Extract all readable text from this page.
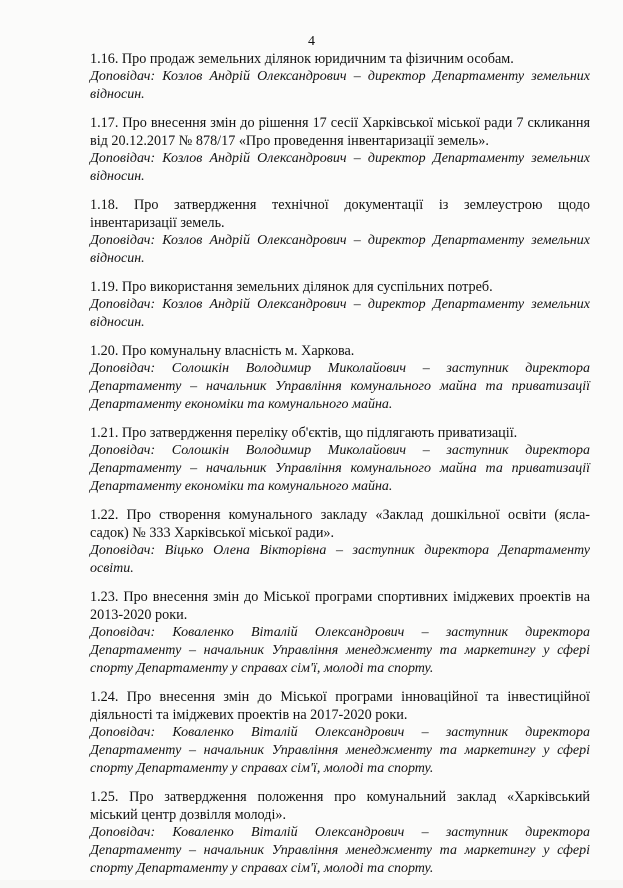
4
1.16. Про продаж земельних ділянок юридичним та фізичним особам.
Доповідач: Козлов Андрій Олександрович – директор Департаменту земельних відносин.
1.17. Про внесення змін до рішення 17 сесії Харківської міської ради 7 скликання від 20.12.2017 № 878/17 «Про проведення інвентаризації земель».
Доповідач: Козлов Андрій Олександрович – директор Департаменту земельних відносин.
1.18. Про затвердження технічної документації із землеустрою щодо інвентаризації земель.
Доповідач: Козлов Андрій Олександрович – директор Департаменту земельних відносин.
1.19. Про використання земельних ділянок для суспільних потреб.
Доповідач: Козлов Андрій Олександрович – директор Департаменту земельних відносин.
1.20. Про комунальну власність м. Харкова.
Доповідач: Солошкін Володимир Миколайович – заступник директора Департаменту – начальник Управління комунального майна та приватизації Департаменту економіки та комунального майна.
1.21. Про затвердження переліку об'єктів, що підлягають приватизації.
Доповідач: Солошкін Володимир Миколайович – заступник директора Департаменту – начальник Управління комунального майна та приватизації Департаменту економіки та комунального майна.
1.22. Про створення комунального закладу «Заклад дошкільної освіти (ясла-садок) № 333 Харківської міської ради».
Доповідач: Віцько Олена Вікторівна – заступник директора Департаменту освіти.
1.23. Про внесення змін до Міської програми спортивних іміджевих проектів на 2013-2020 роки.
Доповідач: Коваленко Віталій Олександрович – заступник директора Департаменту – начальник Управління менеджменту та маркетингу у сфері спорту Департаменту у справах сім'ї, молоді та спорту.
1.24. Про внесення змін до Міської програми інноваційної та інвестиційної діяльності та іміджевих проектів на 2017-2020 роки.
Доповідач: Коваленко Віталій Олександрович – заступник директора Департаменту – начальник Управління менеджменту та маркетингу у сфері спорту Департаменту у справах сім'ї, молоді та спорту.
1.25. Про затвердження положення про комунальний заклад «Харківський міський центр дозвілля молоді».
Доповідач: Коваленко Віталій Олександрович – заступник директора Департаменту – начальник Управління менеджменту та маркетингу у сфері спорту Департаменту у справах сім'ї, молоді та спорту.
